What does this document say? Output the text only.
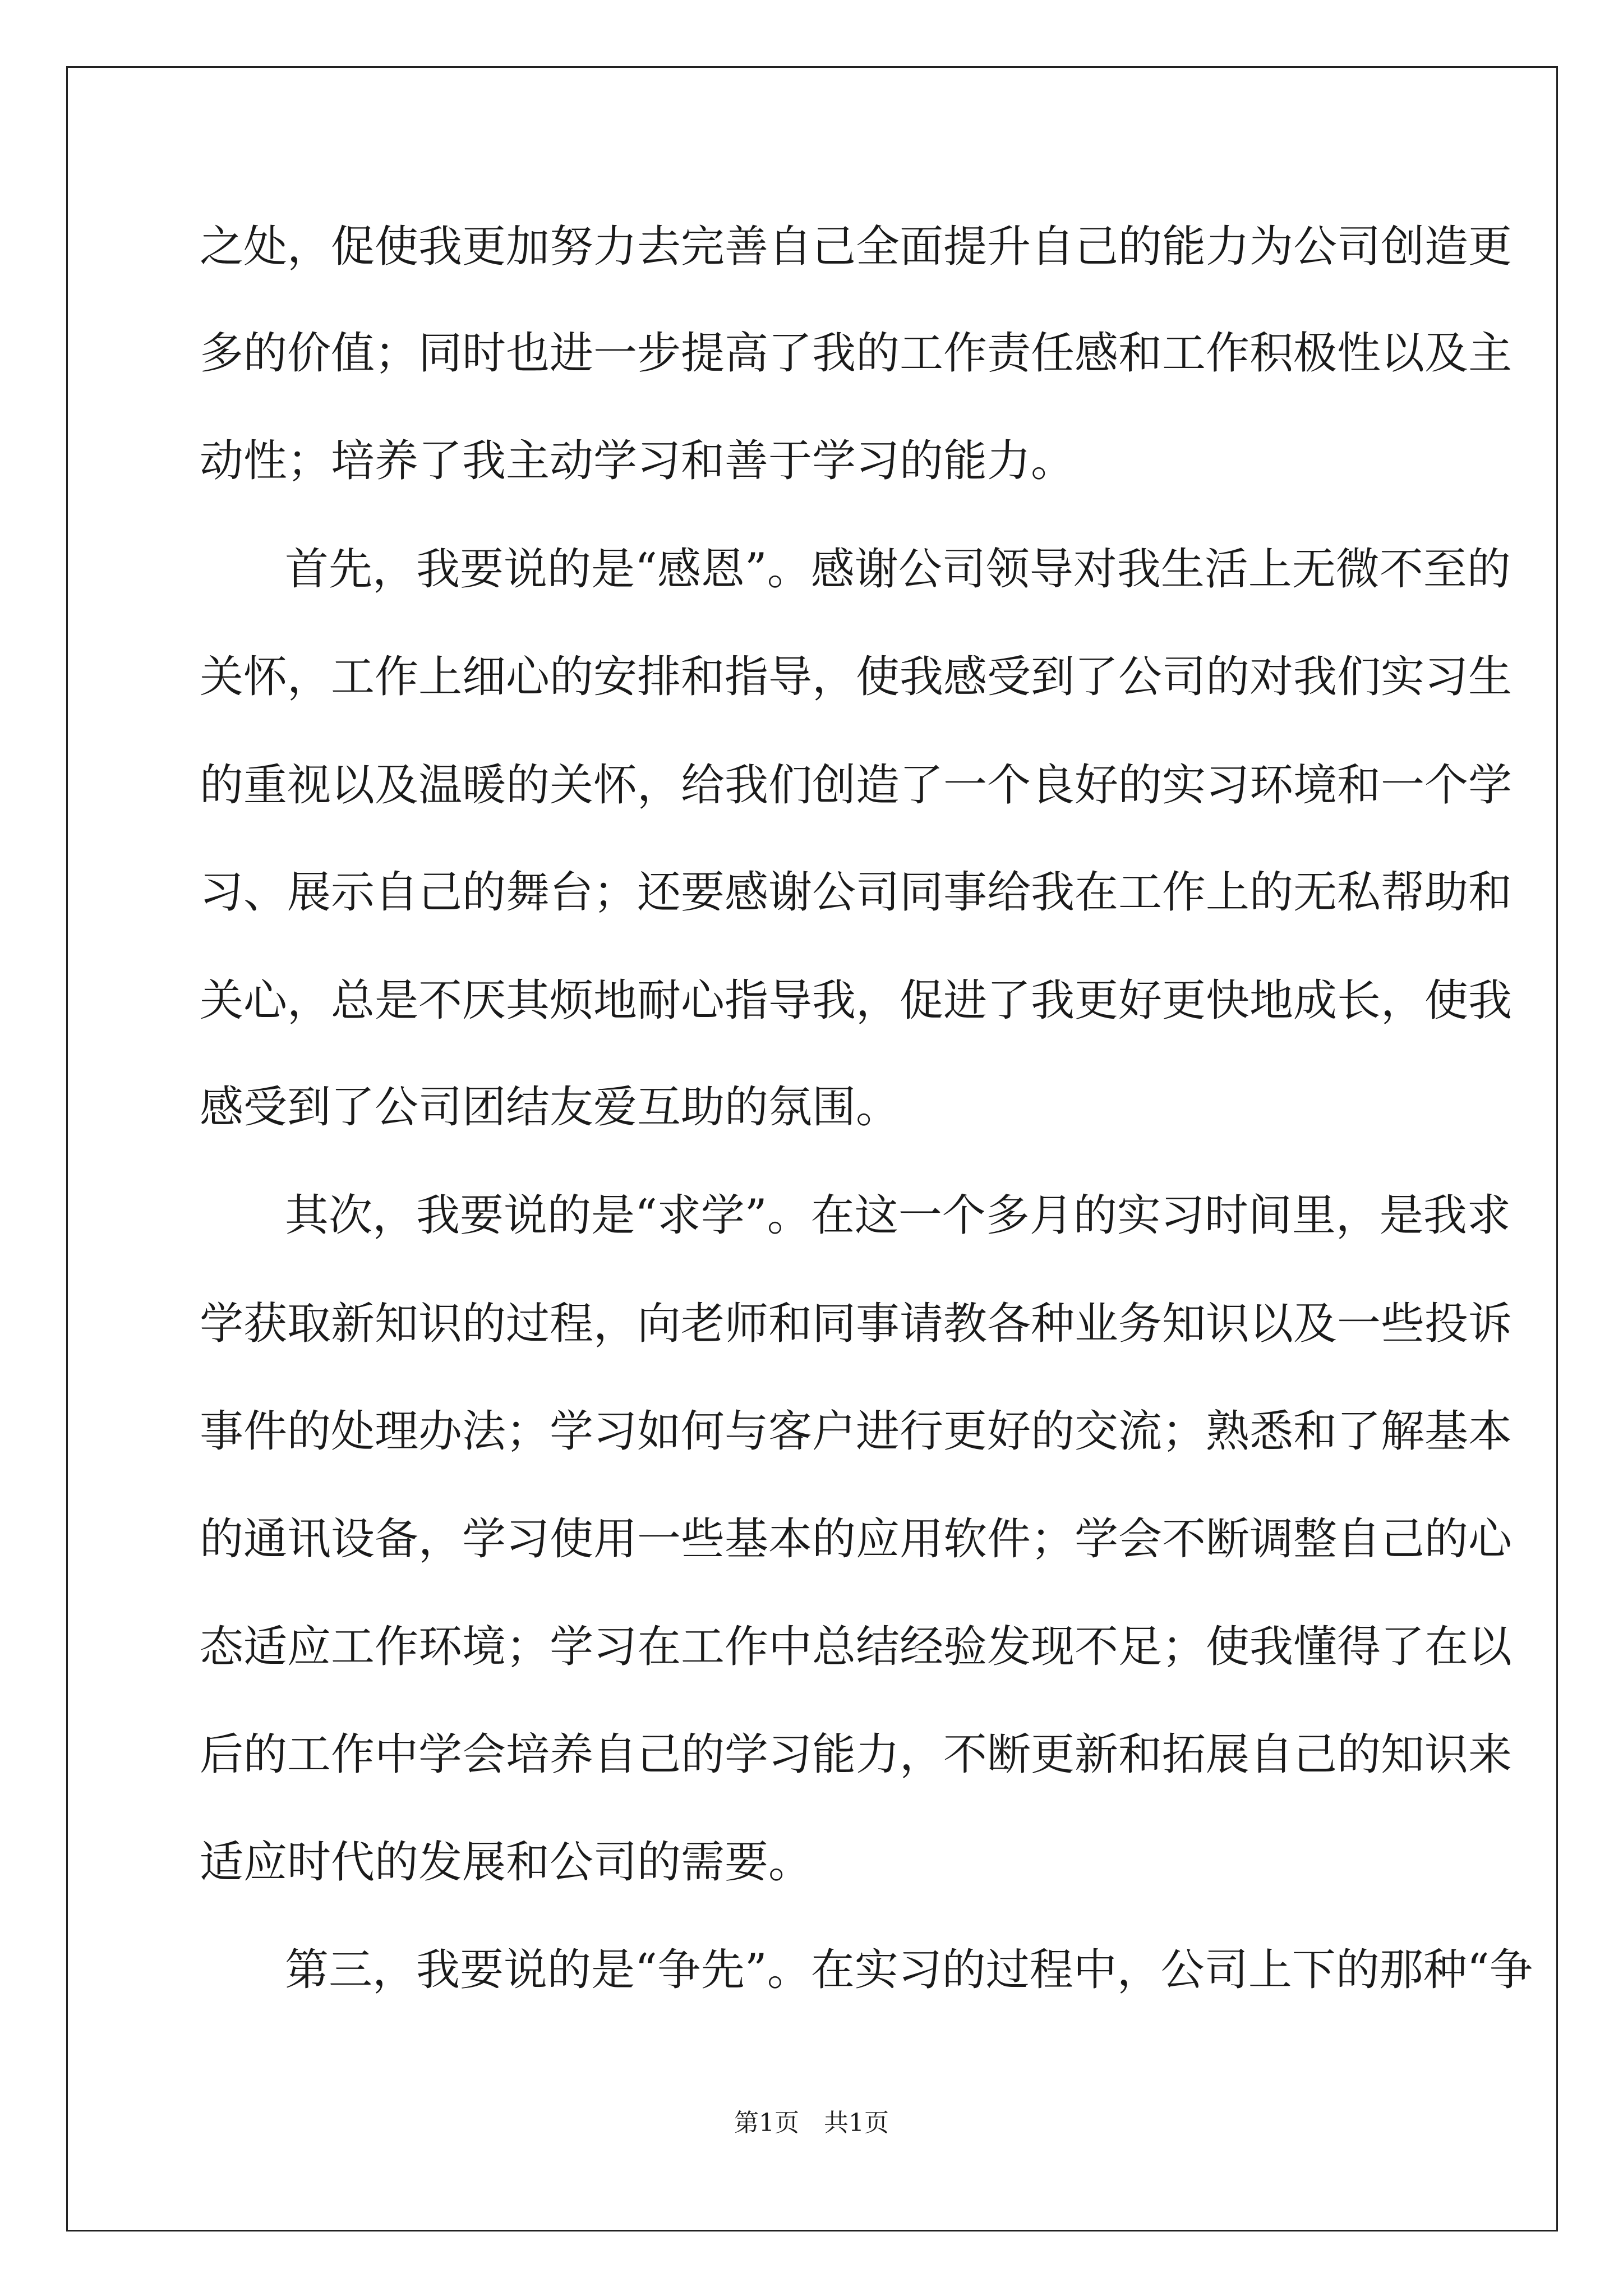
之处，促使我更加努力去完善自己全面提升自己的能力为公司创造更
多的价值；同时也进一步提高了我的工作责任感和工作积极性以及主
动性；培养了我主动学习和善于学习的能力。
首先，我要说的是“感恩”。感谢公司领导对我生活上无微不至的
关怀，工作上细心的安排和指导，使我感受到了公司的对我们实习生
的重视以及温暖的关怀，给我们创造了一个良好的实习环境和一个学
习、展示自己的舞台；还要感谢公司同事给我在工作上的无私帮助和
关心，总是不厌其烦地耐心指导我，促进了我更好更快地成长，使我
感受到了公司团结友爱互助的氛围。
其次，我要说的是“求学”。在这一个多月的实习时间里，是我求
学获取新知识的过程，向老师和同事请教各种业务知识以及一些投诉
事件的处理办法；学习如何与客户进行更好的交流；熟悉和了解基本
的通讯设备，学习使用一些基本的应用软件；学会不断调整自己的心
态适应工作环境；学习在工作中总结经验发现不足；使我懂得了在以
后的工作中学会培养自己的学习能力，不断更新和拓展自己的知识来
适应时代的发展和公司的需要。
第三，我要说的是“争先”。在实习的过程中，公司上下的那种“争
第1页　共1页
